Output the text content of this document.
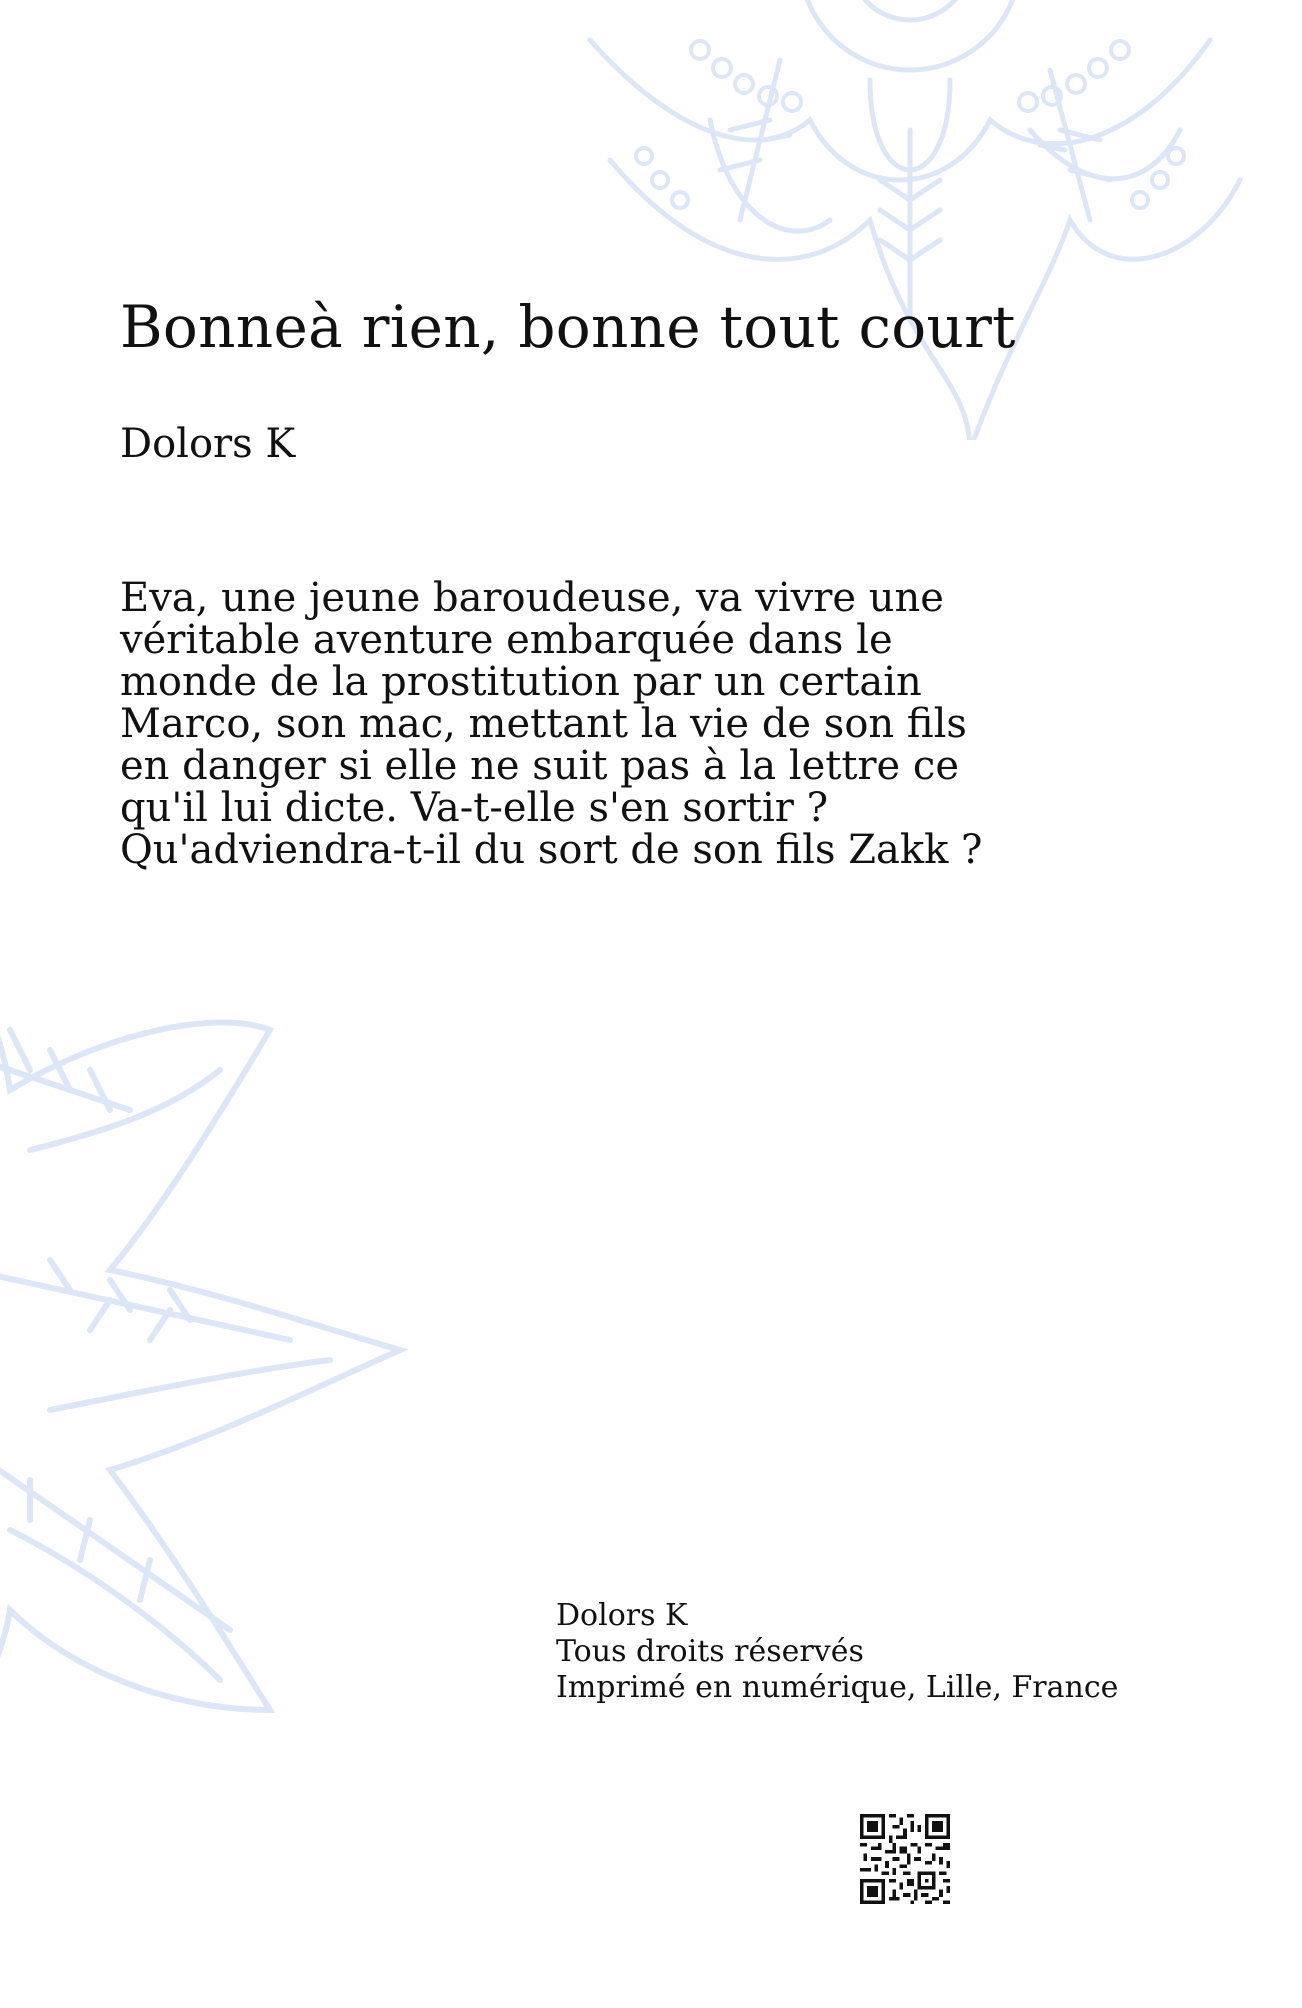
Bonneà rien, bonne tout court
Dolors K

Eva, une jeune baroudeuse, va vivre une véritable aventure embarquée dans le monde de la prostitution par un certain Marco, son mac, mettant la vie de son fils en danger si elle ne suit pas à la lettre ce qu'il lui dicte. Va-t-elle s'en sortir ? Qu'adviendra-t-il du sort de son fils Zakk ?

Dolors K
Tous droits réservés
Imprimé en numérique, Lille, France
